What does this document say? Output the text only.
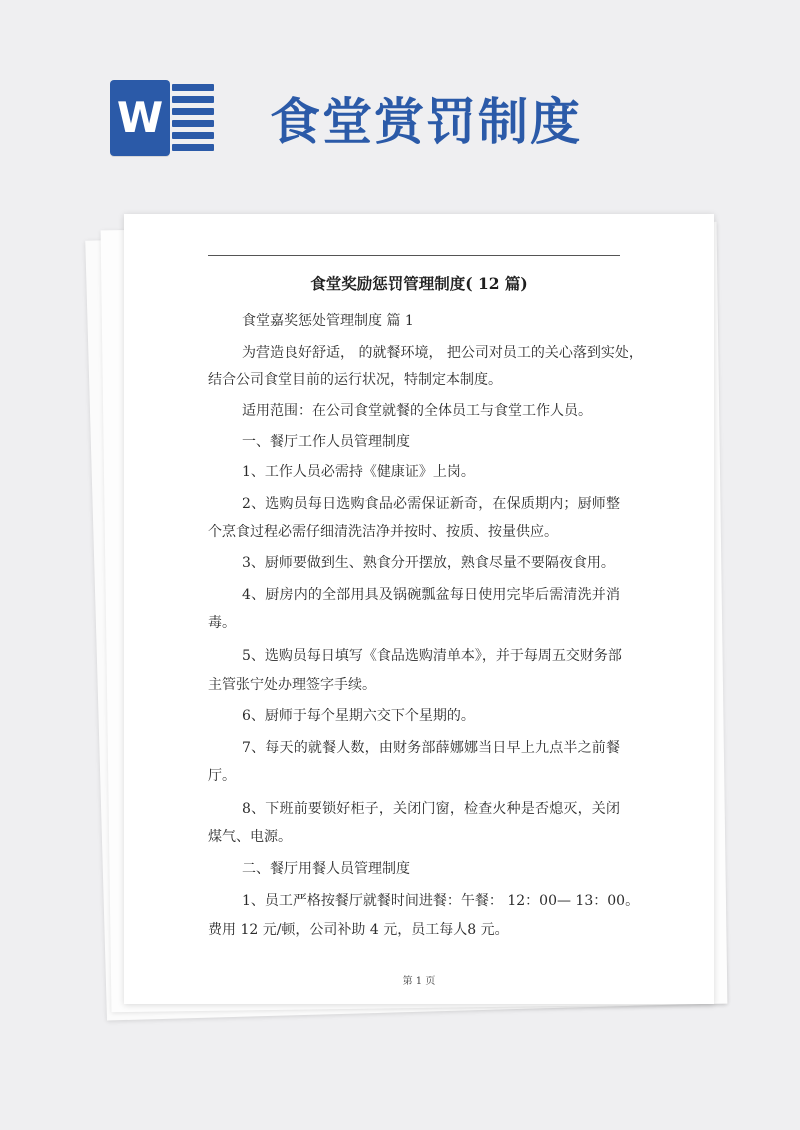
W 食堂赏罚制度
食堂奖励惩罚管理制度( 12 篇)
食堂嘉奖惩处管理制度 篇 1
为营造良好舒适， 的就餐环境， 把公司对员工的关心落到实处，
结合公司食堂目前的运行状况，特制定本制度。
适用范围：在公司食堂就餐的全体员工与食堂工作人员。
一、餐厅工作人员管理制度
1、工作人员必需持《健康证》上岗。
2、选购员每日选购食品必需保证新奇，在保质期内；厨师整
个烹食过程必需仔细清洗洁净并按时、按质、按量供应。
3、厨师要做到生、熟食分开摆放，熟食尽量不要隔夜食用。
4、厨房内的全部用具及锅碗瓢盆每日使用完毕后需清洗并消
毒。
5、选购员每日填写《食品选购清单本》，并于每周五交财务部
主管张宁处办理签字手续。
6、厨师于每个星期六交下个星期的。
7、每天的就餐人数，由财务部薛娜娜当日早上九点半之前餐
厅。
8、下班前要锁好柜子，关闭门窗，检查火种是否熄灭，关闭
煤气、电源。
二、餐厅用餐人员管理制度
1、员工严格按餐厅就餐时间进餐：午餐： 12：00— 13：00。
费用 12 元/顿，公司补助 4 元，员工每人8 元。
第 1 页
